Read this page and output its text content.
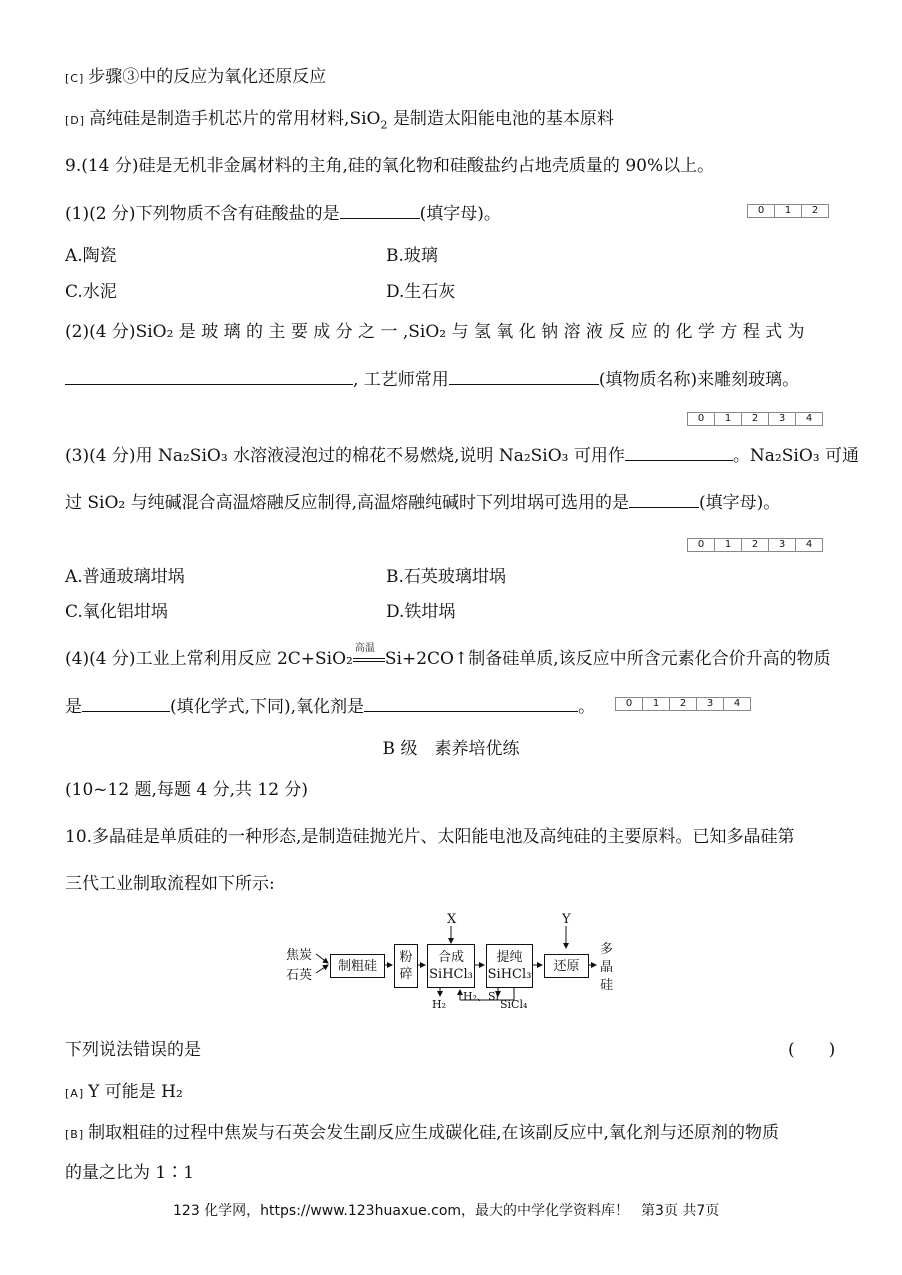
[C] 步骤③中的反应为氧化还原反应
[D] 高纯硅是制造手机芯片的常用材料,SiO$_2$ 是制造太阳能电池的基本原料
9.(14 分)硅是无机非金属材料的主角,硅的氧化物和硅酸盐约占地壳质量的 90%以上。
(1)(2 分)下列物质不含有硅酸盐的是	(填字母)。	0	1	2
A.陶瓷	B.玻璃
C.水泥	D.生石灰
(2)(4 分)SiO₂ 是 玻 璃 的 主 要 成 分 之 一 ,SiO₂ 与 氢 氧 化 钠 溶 液 反 应 的 化 学 方 程 式 为
, 工艺师常用	(填物质名称)来雕刻玻璃。
0	1	2	3	4
(3)(4 分)用 Na₂SiO₃ 水溶液浸泡过的棉花不易燃烧,说明 Na₂SiO₃ 可用作	。Na₂SiO₃ 可通
过 SiO₂ 与纯碱混合高温熔融反应制得,高温熔融纯碱时下列坩埚可选用的是	(填字母)。
0	1	2	3	4
A.普通玻璃坩埚	B.石英玻璃坩埚
C.氧化铝坩埚	D.铁坩埚
(4)(4 分)工业上常利用反应 2C+SiO₂
高温
Si+2CO↑制备硅单质,该反应中所含元素化合价升高的物质
是	(填化学式,下同),氧化剂是	。	0	1	2	3	4
B 级　素养培优练
(10~12 题,每题 4 分,共 12 分)
10.多晶硅是单质硅的一种形态,是制造硅抛光片、太阳能电池及高纯硅的主要原料。已知多晶硅第
三代工业制取流程如下所示:
焦炭
石英
制粗硅
粉
碎
X
合成
SiHCl₃
提纯
SiHCl₃
Y
还原
多
晶
硅
H₂
H₂、Si
SiCl₄
下列说法错误的是	(　　)
[A] Y 可能是 H₂
[B] 制取粗硅的过程中焦炭与石英会发生副反应生成碳化硅,在该副反应中,氧化剂与还原剂的物质
的量之比为 1∶1
123 化学网，https://www.123huaxue.com，最大的中学化学资料库！ 第3页 共7页
